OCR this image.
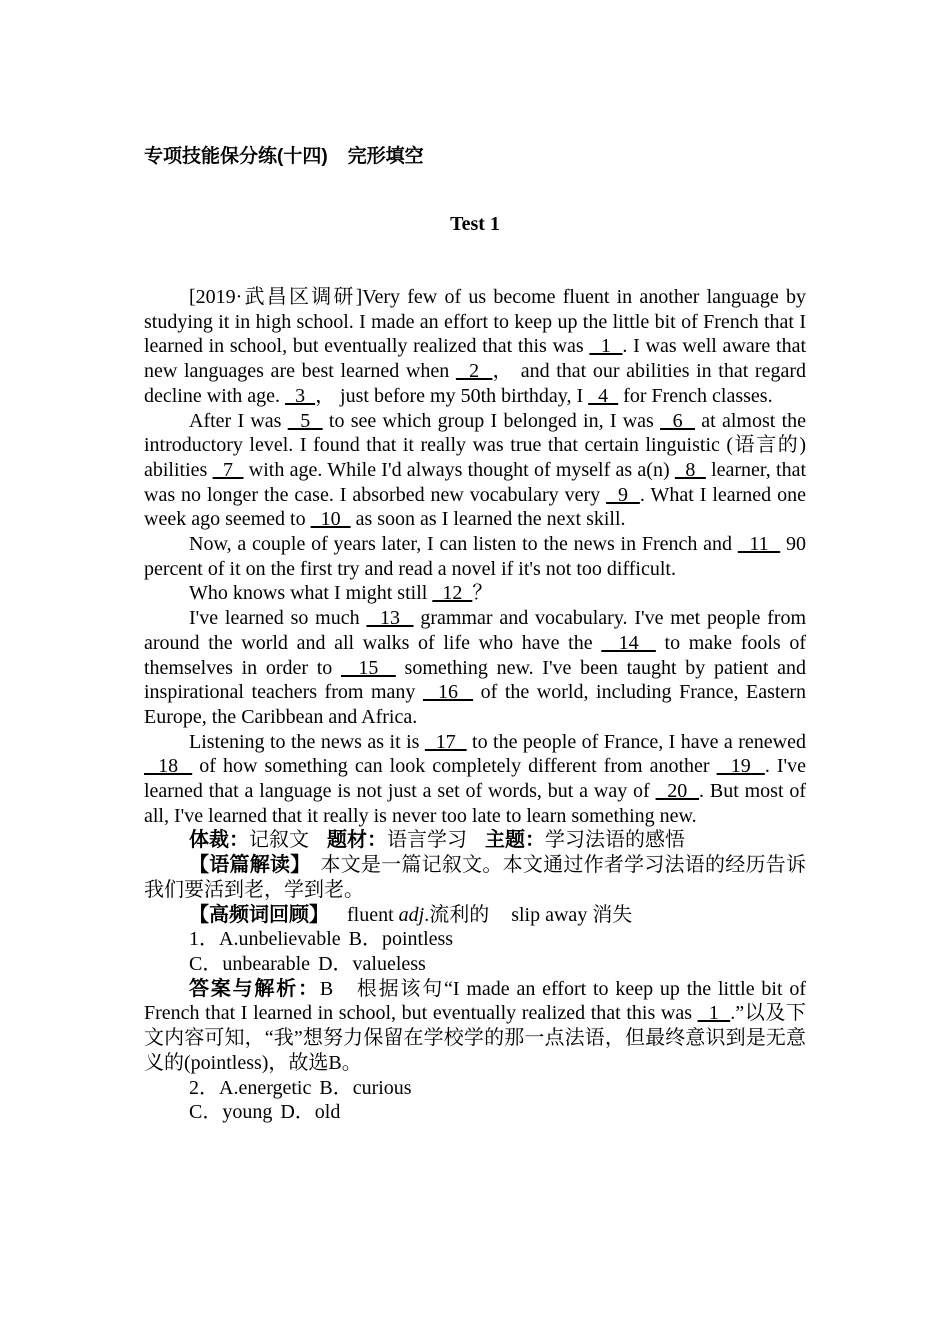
专项技能保分练(十四) 完形填空
Test 1

[2019·武昌区调研]Very few of us become fluent in another language by studying it in high school. I made an effort to keep up the little bit of French that I learned in school, but eventually realized that this was   1  . I was well aware that new languages are best learned when   2  ， and that our abilities in that regard decline with age.   3  ， just before my 50th birthday, I   4   for French classes.

After I was   5   to see which group I belonged in, I was   6   at almost the introductory level. I found that it really was true that certain linguistic (语言的) abilities   7   with age. While I'd always thought of myself as a(n)   8   learner, that was no longer the case. I absorbed new vocabulary very   9  . What I learned one week ago seemed to   10   as soon as I learned the next skill.

Now, a couple of years later, I can listen to the news in French and   11   90 percent of it on the first try and read a novel if it's not too difficult.

Who knows what I might still   12  ？

I've learned so much   13   grammar and vocabulary. I've met people from around the world and all walks of life who have the   14   to make fools of themselves in order to   15   something new. I've been taught by patient and inspirational teachers from many   16   of the world, including France, Eastern Europe, the Caribbean and Africa.

Listening to the news as it is   17   to the people of France, I have a renewed   18   of how something can look completely different from another   19  . I've learned that a language is not just a set of words, but a way of   20  . But most of all, I've learned that it really is never too late to learn something new.

体裁：记叙文 题材：语言学习 主题：学习法语的感悟

【语篇解读】 本文是一篇记叙文。本文通过作者学习法语的经历告诉我们要活到老，学到老。

【高频词回顾】 fluent adj.流利的 slip away 消失

1．A.unbelievable B．pointless

C．unbearable D．valueless

答案与解析：B　根据该句“I made an effort to keep up the little bit of French that I learned in school, but eventually realized that this was   1 .”以及下文内容可知，“我”想努力保留在学校学的那一点法语，但最终意识到是无意义的(pointless)，故选B。

2．A.energetic B．curious

C．young D．old
